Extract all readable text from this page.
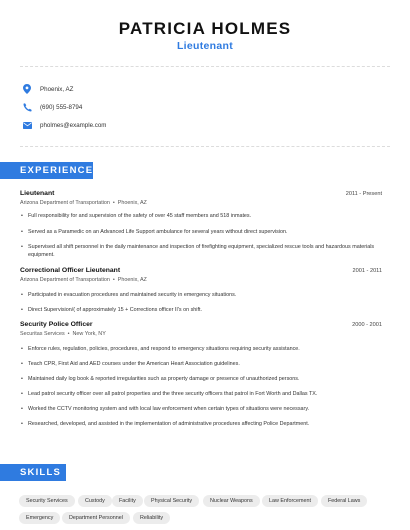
PATRICIA HOLMES
Lieutenant
Phoenix, AZ
(690) 555-8794
pholmes@example.com
EXPERIENCE
Lieutenant	2011 - Present
Arizona Department of Transportation • Phoenix, AZ
• Full responsibility for and supervision of the safety of over 45 staff members and 518 inmates.
• Served as a Paramedic on an Advanced Life Support ambulance for several years without direct supervision.
• Supervised all shift personnel in the daily maintenance and inspection of firefighting equipment, specialized rescue tools and hazardous materials equipment.
Correctional Officer Lieutenant	2001 - 2011
Arizona Department of Transportation • Phoenix, AZ
• Participated in evacuation procedures and maintained security in emergency situations.
• Direct Supervision/( of approximately 15 + Corrections officer II's on shift.
Security Police Officer	2000 - 2001
Securitas Services • New York, NY
• Enforce rules, regulation, policies, procedures, and respond to emergency situations requiring security assistance.
• Teach CPR, First Aid and AED courses under the American Heart Association guidelines.
• Maintained daily log book & reported irregularities such as property damage or presence of unauthorized persons.
• Lead patrol security officer over all patrol properties and the three security officers that patrol in Fort Worth and Dallas TX.
• Worked the CCTV monitoring system and with local law enforcement when certain types of situations were necessary.
• Researched, developed, and assisted in the implementation of administrative procedures affecting Police Department.
SKILLS
Security Services	Custody	Facility	Physical Security	Nuclear Weapons	Law Enforcement	Federal Laws
Emergency	Department Personnel	Reliability
